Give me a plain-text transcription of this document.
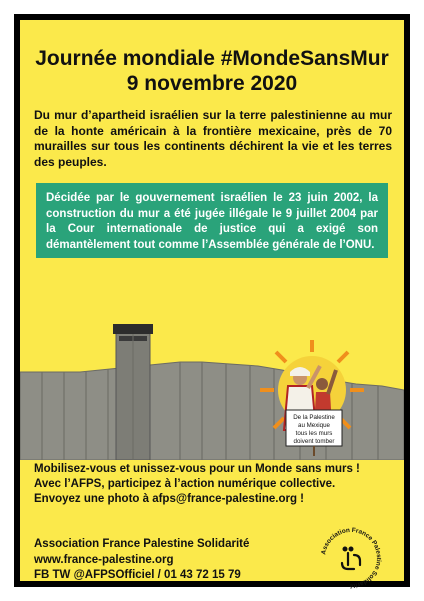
Journée mondiale #MondeSansMur
9 novembre 2020

Du mur d’apartheid israélien sur la terre palestinienne au mur de la honte américain à la frontière mexicaine, près de 70 murailles sur tous les continents déchirent la vie et les terres des peuples.

Décidée par le gouvernement israélien le 23 juin 2002, la construction du mur a été jugée illégale le 9 juillet 2004 par la Cour internationale de justice qui a exigé son démantèlement tout comme l’Assemblée générale de l’ONU.
De la Palestine
au Mexique
tous les murs
doivent tomber
Mobilisez-vous et unissez-vous pour un Monde sans murs !
Avec l’AFPS, participez à l’action numérique collective.
Envoyez une photo à afps@france-palestine.org !
Association France Palestine Solidarité
www.france-palestine.org
FB TW @AFPSOfficiel / 01 43 72 15 79
Association France Palestine Solidarité
